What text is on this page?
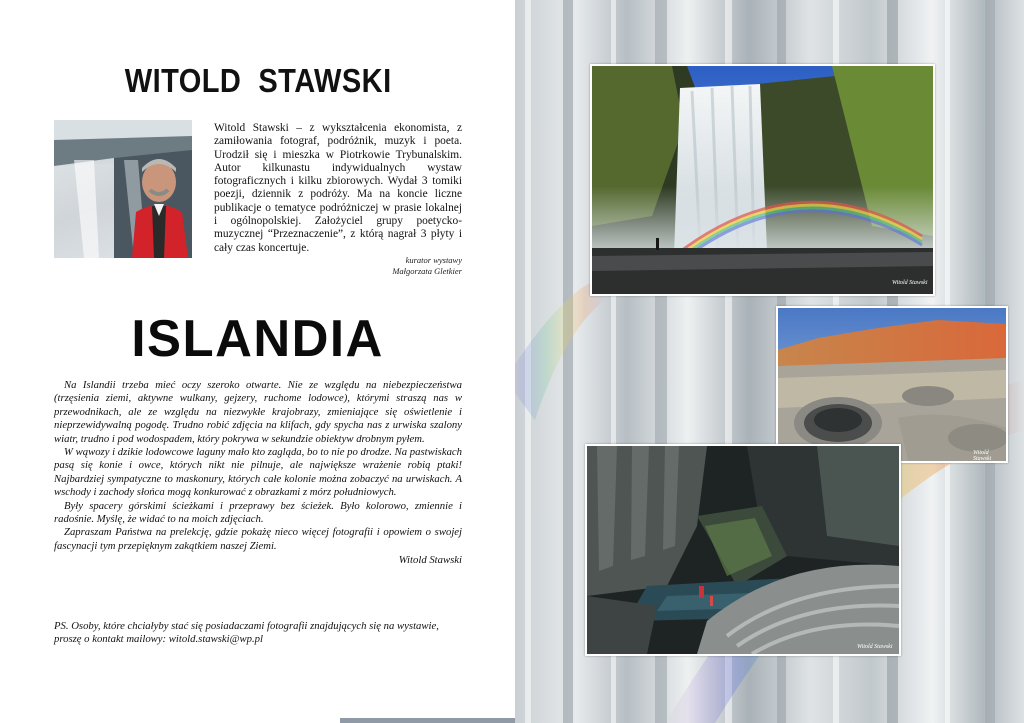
WITOLD  STAWSKI
Witold Stawski – z wykształcenia ekonomista, z zamiłowania fotograf, podróżnik, muzyk i poeta. Urodził się i mieszka w Piotrkowie Trybunalskim. Autor kilkunastu indywidualnych wystaw fotograficznych i kilku zbiorowych. Wydał 3 tomiki poezji, dziennik z podróży. Ma na koncie liczne publikacje o tematyce podróżniczej w prasie lokalnej i ogólnopolskiej. Założyciel grupy poetycko-muzycznej “Przeznaczenie”, z którą nagrał 3 płyty i cały czas koncertuje.
kurator wystawy
Małgorzata Gletkier
ISLANDIA

Na Islandii trzeba mieć oczy szeroko otwarte. Nie ze względu na niebezpieczeństwa (trzęsienia ziemi, aktywne wulkany, gejzery, ruchome lodowce), którymi straszą nas w przewodnikach, ale ze względu na niezwykłe krajobrazy, zmieniające się oświetlenie i nieprzewidywalną pogodę. Trudno robić zdjęcia na klifach, gdy spycha nas z urwiska szalony wiatr, trudno i pod wodospadem, który pokrywa w sekundzie obiektyw drobnym pyłem.

W wąwozy i dzikie lodowcowe laguny mało kto zagląda, bo to nie po drodze. Na pastwiskach pasą się konie i owce, których nikt nie pilnuje, ale największe wrażenie robią ptaki! Najbardziej sympatyczne to maskonury, których całe kolonie można zobaczyć na urwiskach. A wschody i zachody słońca mogą konkurować z obrazkami z mórz południowych.

Były spacery górskimi ścieżkami i przeprawy bez ścieżek. Było kolorowo, zmiennie i radośnie. Myślę, że widać to na moich zdjęciach.

Zapraszam Państwa na prelekcję, gdzie pokażę nieco więcej fotografii i opowiem o swojej fascynacji tym przepięknym zakątkiem naszej Ziemi.

Witold Stawski
PS. Osoby, które chciałyby stać się posiadaczami fotografii znajdujących się na wystawie, proszę o kontakt mailowy: witold.stawski@wp.pl
Witold Stawski
Witold Stawski
Witold Stawski
